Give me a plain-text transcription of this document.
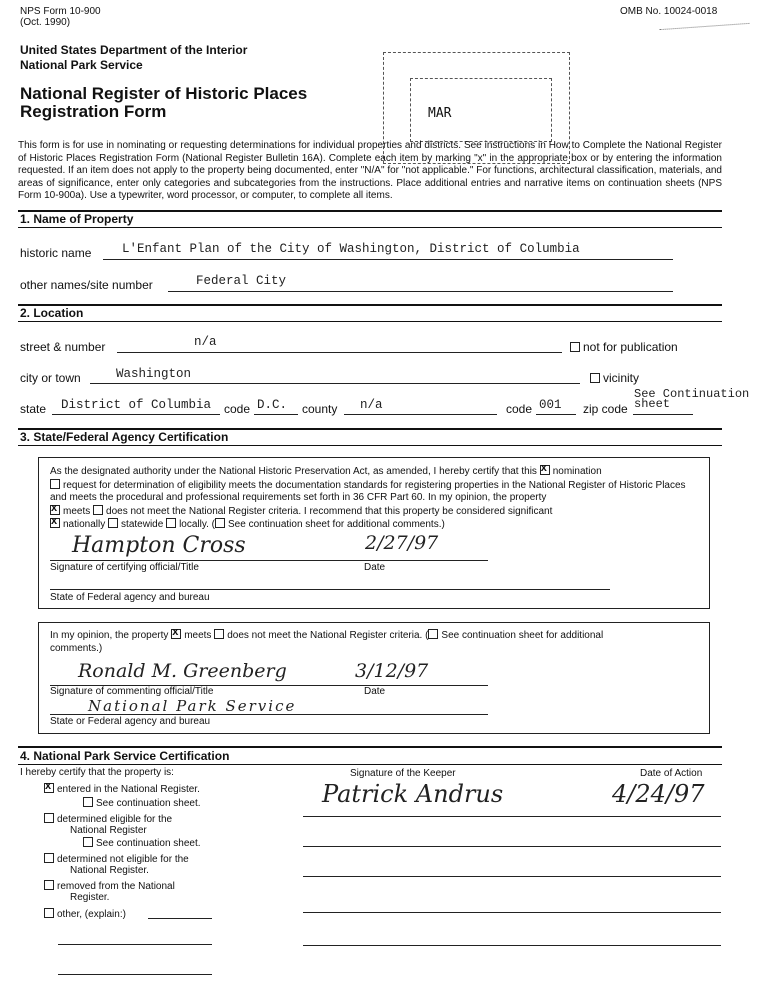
NPS Form 10-900
(Oct. 1990)
OMB No. 10024-0018
United States Department of the Interior
National Park Service
National Register of Historic Places
Registration Form	MAR
This form is for use in nominating or requesting determinations for individual properties and districts. See instructions in How to Complete the National Register of Historic Places Registration Form (National Register Bulletin 16A). Complete each item by marking "x" in the appropriate box or by entering the information requested. If an item does not apply to the property being documented, enter "N/A" for "not applicable." For functions, architectural classification, materials, and areas of significance, enter only categories and subcategories from the instructions. Place additional entries and narrative items on continuation sheets (NPS Form 10-900a). Use a typewriter, word processor, or computer, to complete all items.
1. Name of Property
historic name L'Enfant Plan of the City of Washington, District of Columbia
other names/site number	Federal City
2. Location
street & number	n/a	not for publication
city or town	Washington	vicinity
state District of Columbia code D.C. county n/a	code 001 zip code
See Continuation
sheet
3. State/Federal Agency Certification
As the designated authority under the National Historic Preservation Act, as amended, I hereby certify that this x nomination
request for determination of eligibility meets the documentation standards for registering properties in the National Register of Historic Places and meets the procedural and professional requirements set forth in 36 CFR Part 60. In my opinion, the property
xmeets does not meet the National Register criteria. I recommend that this property be considered significant
xnationally statewide locally. ( See continuation sheet for additional comments.)
Hampton Cross	2/27/97
Signature of certifying official/Title	Date
State of Federal agency and bureau
In my opinion, the property x meets does not meet the National Register criteria. ( See continuation sheet for additional
comments.)
Ronald M. Greenberg	3/12/97
Signature of commenting official/Title	Date
National Park Service
State or Federal agency and bureau
4. National Park Service Certification
I hereby certify that the property is:	Signature of the Keeper	Date of Action
Patrick Andrus	4/24/97
xentered in the National Register.
See continuation sheet.
determined eligible for the
National Register
See continuation sheet.
determined not eligible for the
National Register.
removed from the National
Register.
other, (explain:)
